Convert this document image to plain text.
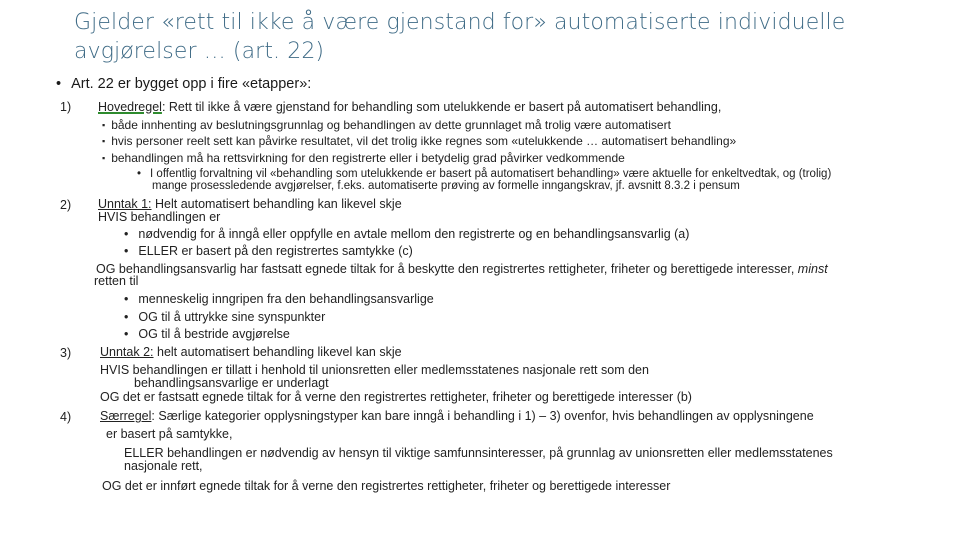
Gjelder «rett til ikke å være gjenstand for» automatiserte individuelle
avgjørelser … (art. 22)
• Art. 22 er bygget opp i fire «etapper»:
1) Hovedregel: Rett til ikke å være gjenstand for behandling som utelukkende er basert på automatisert behandling,
▪ både innhenting av beslutningsgrunnlag og behandlingen av dette grunnlaget må trolig være automatisert
▪ hvis personer reelt sett kan påvirke resultatet, vil det trolig ikke regnes som «utelukkende … automatisert behandling»
▪ behandlingen må ha rettsvirkning for den registrerte eller i betydelig grad påvirker vedkommende
• I offentlig forvaltning vil «behandling som utelukkende er basert på automatisert behandling» være aktuelle for enkeltvedtak, og (trolig)
mange prosessledende avgjørelser, f.eks. automatiserte prøving av formelle inngangskrav, jf. avsnitt 8.3.2 i pensum
2) Unntak 1: Helt automatisert behandling kan likevel skje
HVIS behandlingen er
• nødvendig for å inngå eller oppfylle en avtale mellom den registrerte og en behandlingsansvarlig (a)
• ELLER er basert på den registrertes samtykke (c)
OG behandlingsansvarlig har fastsatt egnede tiltak for å beskytte den registrertes rettigheter, friheter og berettigede interesser, minst
retten til
• menneskelig inngripen fra den behandlingsansvarlige
• OG til å uttrykke sine synspunkter
• OG til å bestride avgjørelse
3) Unntak 2: helt automatisert behandling likevel kan skje
HVIS behandlingen er tillatt i henhold til unionsretten eller medlemsstatenes nasjonale rett som den
behandlingsansvarlige er underlagt
OG det er fastsatt egnede tiltak for å verne den registrertes rettigheter, friheter og berettigede interesser (b)
4) Særregel: Særlige kategorier opplysningstyper kan bare inngå i behandling i 1) – 3) ovenfor, hvis behandlingen av opplysningene
er basert på samtykke,
ELLER behandlingen er nødvendig av hensyn til viktige samfunnsinteresser, på grunnlag av unionsretten eller medlemsstatenes
nasjonale rett,
OG det er innført egnede tiltak for å verne den registrertes rettigheter, friheter og berettigede interesser
